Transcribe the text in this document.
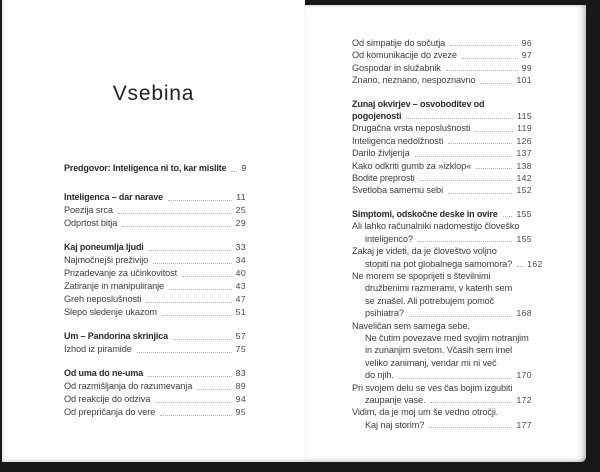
Vsebina
Predgovor: Inteligenca ni to, kar mislite 9
Inteligenca – dar narave	11
Poezija srca	25
Odprtost bitja	29
Kaj poneumlja ljudi	33
Najmočnejši preživijo	34
Prizadevanje za učinkovitost	40
Zatiranje in manipuliranje	43
Greh neposlušnosti	47
Slepo sledenje ukazom	51
Um – Pandorina skrinjica	57
Izhod iz piramide	75
Od uma do ne-uma	83
Od razmišljanja do razumevanja	89
Od reakcije do odziva	94
Od prepričanja do vere	95
Od simpatije do sočutja	96
Od komunikacije do zveze	97
Gospodar in služabnik	99
Znano, neznano, nespoznavno	101
Zunaj okvirjev – osvoboditev od
pogojenosti	115
Drugačna vrsta neposlušnosti	119
Inteligenca nedolžnosti	126
Darilo življenja	137
Kako odkriti gumb za »izklop«	138
Bodite preprosti	142
Svetloba samemu sebi	152
Simptomi, odskočne deske in ovire 155
Ali lahko računalniki nadomestijo človeško
inteligenco?	155
Zakaj je videti, da je človeštvo voljno
stopiti na pot globalnega samomora? 162
Ne morem se spoprijeti s številnimi
družbenimi razmerami, v katerih sem
se znašel. Ali potrebujem pomoč
psihiatra?	168
Naveličan sem samega sebe.
Ne čutim povezave med svojim notranjim
in zunanjim svetom. Včasih sem imel
veliko zanimanj, vendar mi ni več
do njih.	170
Pri svojem delu se ves čas bojim izgubiti
zaupanje vase.	172
Vidim, da je moj um še vedno otročji.
Kaj naj storim?	177
